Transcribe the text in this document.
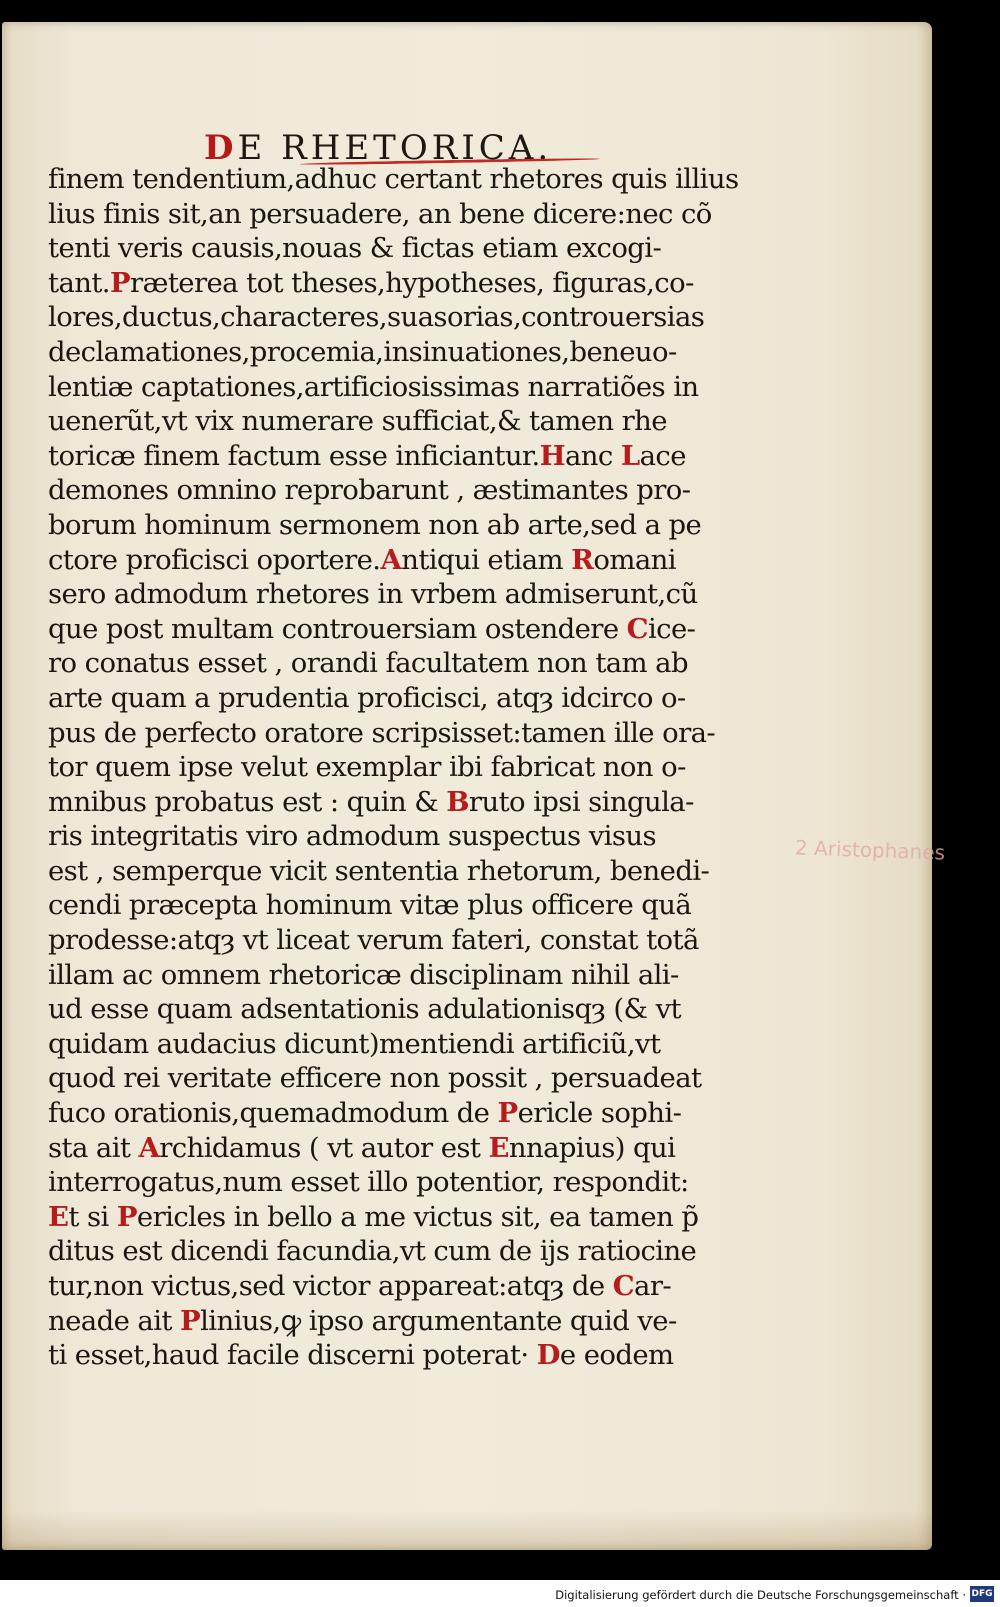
DE RHETORICA.
finem tendentium,adhuc certant rhetores quis illius
lius finis sit,an persuadere, an bene dicere:nec cõ
tenti veris causis,nouas & fictas etiam excogi-
tant.Præterea tot theses,hypotheses, figuras,co-
lores,ductus,characteres,suasorias,controuersias
declamationes,procemia,insinuationes,beneuo-
lentiæ captationes,artificiosissimas narratiões in
uenerũt,vt vix numerare sufficiat,& tamen rhe
toricæ finem factum esse inficiantur.Hanc Lace
demones omnino reprobarunt , æstimantes pro-
borum hominum sermonem non ab arte,sed a pe
ctore proficisci oportere.Antiqui etiam Romani
sero admodum rhetores in vrbem admiserunt,cũ
que post multam controuersiam ostendere Cice-
ro conatus esset , orandi facultatem non tam ab
arte quam a prudentia proficisci, atqȝ idcirco o-
pus de perfecto oratore scripsisset:tamen ille ora-
tor quem ipse velut exemplar ibi fabricat non o-
mnibus probatus est : quin & Bruto ipsi singula-
ris integritatis viro admodum suspectus visus
est , semperque vicit sententia rhetorum, benedi-
cendi præcepta hominum vitæ plus officere quã
prodesse:atqȝ vt liceat verum fateri, constat totã
illam ac omnem rhetoricæ disciplinam nihil ali-
ud esse quam adsentationis adulationisqȝ (& vt
quidam audacius dicunt)mentiendi artificiũ,vt
quod rei veritate efficere non possit , persuadeat
fuco orationis,quemadmodum de Pericle sophi-
sta ait Archidamus ( vt autor est Ennapius) qui
interrogatus,num esset illo potentior, respondit:
Et si Pericles in bello a me victus sit, ea tamen p̃
ditus est dicendi facundia,vt cum de ijs ratiocine
tur,non victus,sed victor appareat:atqȝ de Car-
neade ait Plinius,ꝙ ipso argumentante quid ve-
ti esset,haud facile discerni poterat· De eodem
2 Aristophanes
Digitalisierung gefördert durch die Deutsche Forschungsgemeinschaft · DFG
